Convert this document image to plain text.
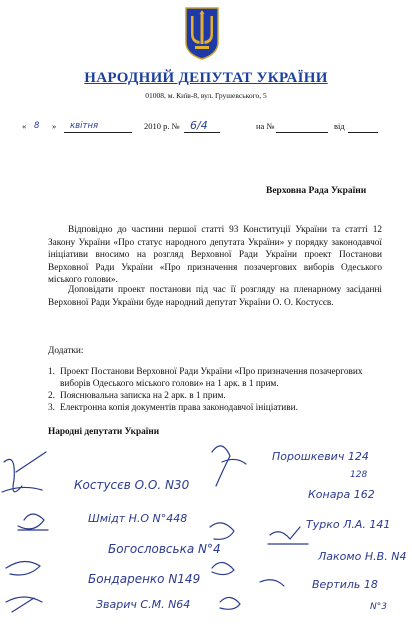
НАРОДНИЙ ДЕПУТАТ УКРАЇНИ
01008, м. Київ-8, вул. Грушевського, 5
« 8 » квітня	2010 р. № 6/4	на №	від
Верховна Рада України
Відповідно до частини першої статті 93 Конституції України та статті 12 Закону України «Про статус народного депутата України» у порядку законодавчої ініціативи вносимо на розгляд Верховної Ради України проект Постанови Верховної Ради України «Про призначення позачергових виборів Одеського міського голови».
Доповідати проект постанови під час її розгляду на пленарному засіданні Верховної Ради України буде народний депутат України О. О. Костусєв.
Додатки:
1. Проект Постанови Верховної Ради України «Про призначення позачергових виборів Одеського міського голови» на 1 арк. в 1 прим.
2. Пояснювальна записка на 2 арк. в 1 прим.
3. Електронна копія документів права законодавчої ініціативи.
Народні депутати України
Порошкевич 124
Костусєв О.О. N30
Шмідт Н.О N°448
Конара 162
128
Турко Л.А. 141
Лакомо Н.В. N4
Богословська N°4
Бондаренко N149
Зварич С.М. N64
Вертиль 18
N°3
